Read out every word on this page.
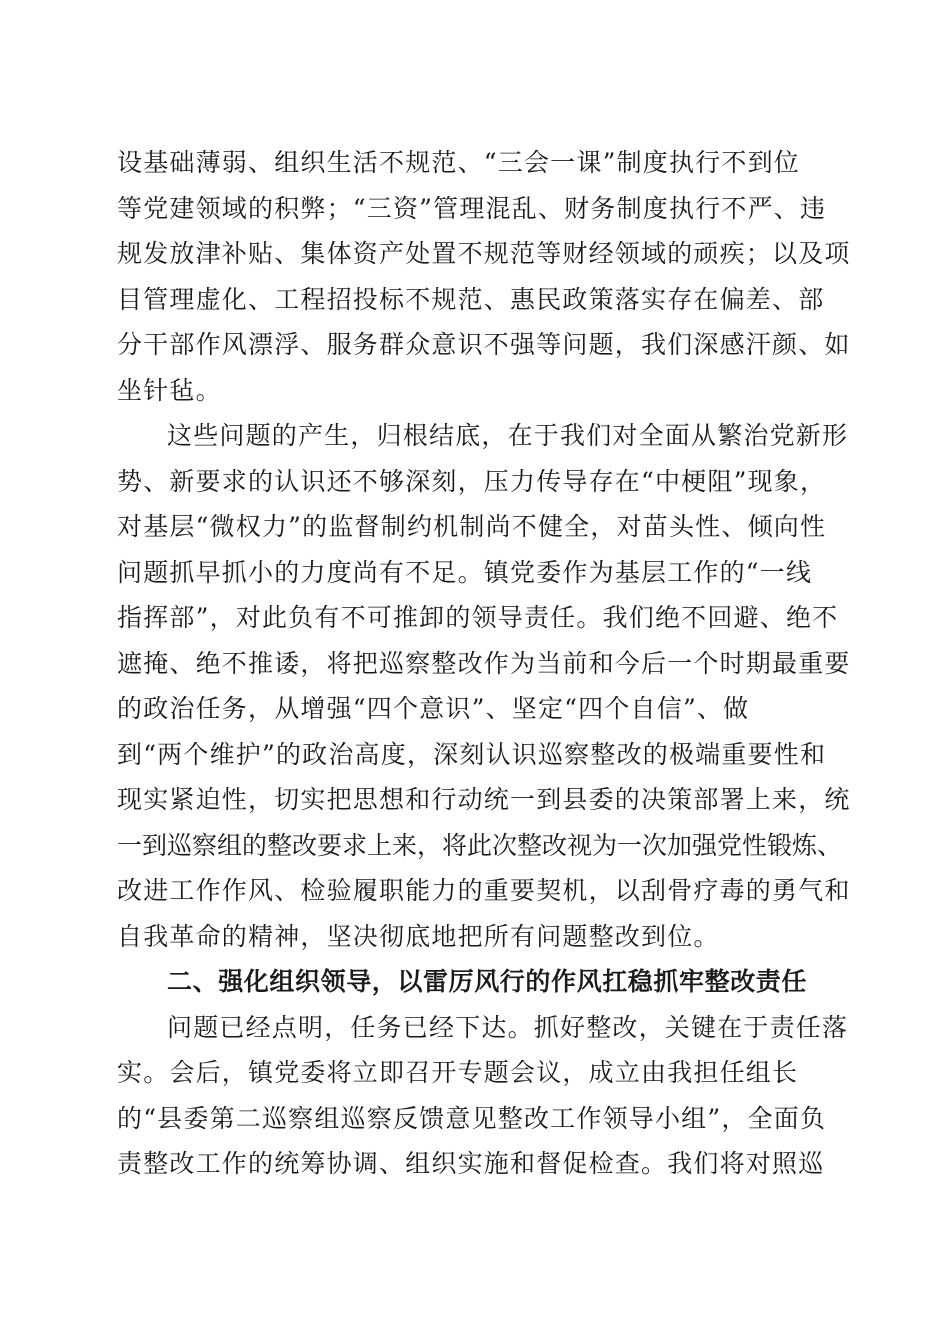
设基础薄弱、组织生活不规范、“三会一课”制度执行不到位
等党建领域的积弊；“三资”管理混乱、财务制度执行不严、违
规发放津补贴、集体资产处置不规范等财经领域的顽疾；以及项
目管理虚化、工程招投标不规范、惠民政策落实存在偏差、部
分干部作风漂浮、服务群众意识不强等问题，我们深感汗颜、如
坐针毡。
这些问题的产生，归根结底，在于我们对全面从繁治党新形
势、新要求的认识还不够深刻，压力传导存在“中梗阻”现象，
对基层“微权力”的监督制约机制尚不健全，对苗头性、倾向性
问题抓早抓小的力度尚有不足。镇党委作为基层工作的“一线
指挥部”，对此负有不可推卸的领导责任。我们绝不回避、绝不
遮掩、绝不推诿，将把巡察整改作为当前和今后一个时期最重要
的政治任务，从增强“四个意识”、坚定“四个自信”、做
到“两个维护”的政治高度，深刻认识巡察整改的极端重要性和
现实紧迫性，切实把思想和行动统一到县委的决策部署上来，统
一到巡察组的整改要求上来，将此次整改视为一次加强党性锻炼、
改进工作作风、检验履职能力的重要契机，以刮骨疗毒的勇气和
自我革命的精神，坚决彻底地把所有问题整改到位。
二、强化组织领导，以雷厉风行的作风扛稳抓牢整改责任
问题已经点明，任务已经下达。抓好整改，关键在于责任落
实。会后，镇党委将立即召开专题会议，成立由我担任组长
的“县委第二巡察组巡察反馈意见整改工作领导小组”，全面负
责整改工作的统筹协调、组织实施和督促检查。我们将对照巡
